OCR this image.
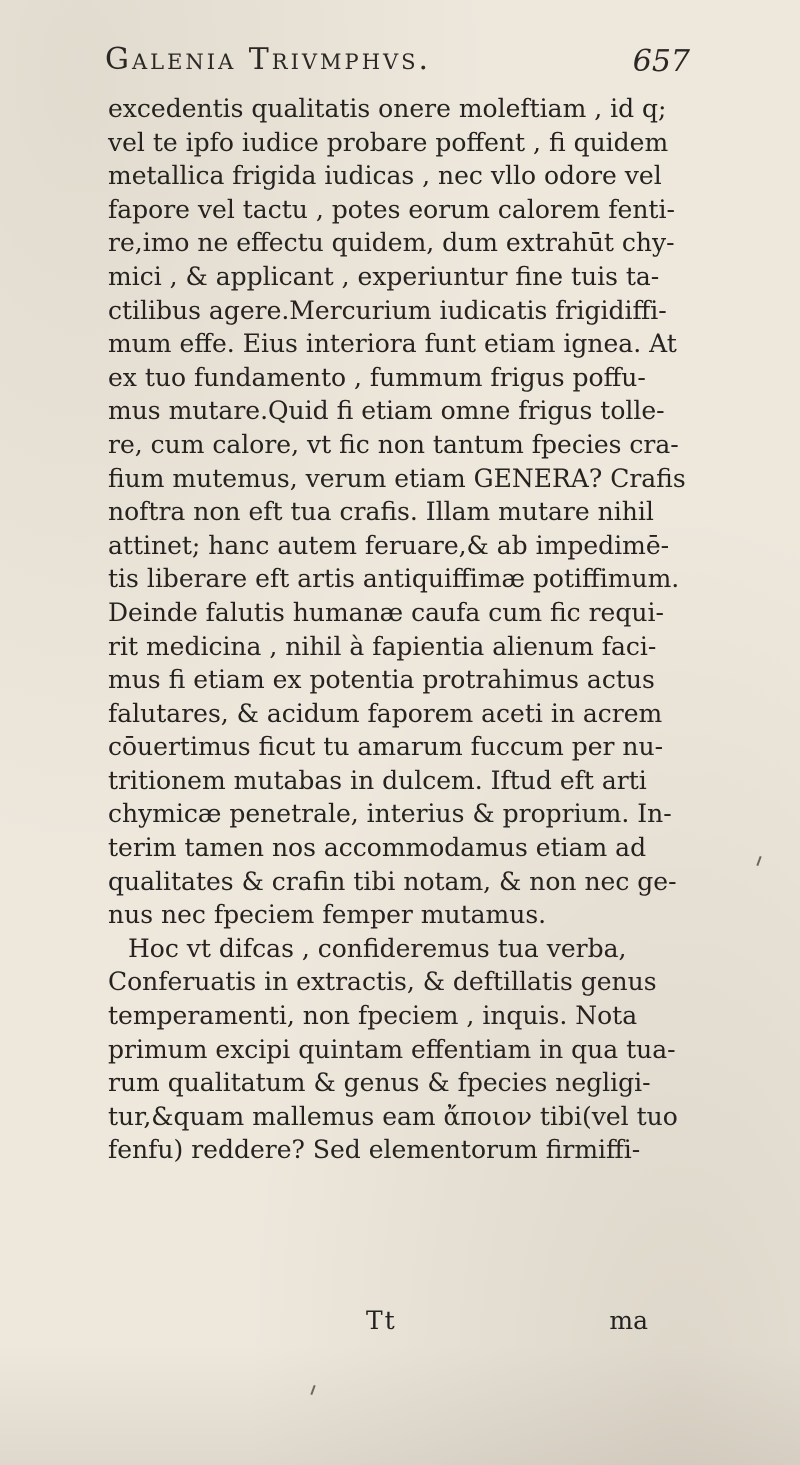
Galenia Trivmphvs.	657
excedentis qualitatis onere moleftiam , id q;
vel te ipfo iudice probare poffent , fi quidem
metallica frigida iudicas , nec vllo odore vel
fapore vel tactu , potes eorum calorem fenti-
re,imo ne effectu quidem, dum extrahūt chy-
mici , & applicant , experiuntur fine tuis ta-
ctilibus agere.Mercurium iudicatis frigidiffi-
mum effe. Eius interiora funt etiam ignea. At
ex tuo fundamento , fummum frigus poffu-
mus mutare.Quid fi etiam omne frigus tolle-
re, cum calore, vt fic non tantum fpecies cra-
fium mutemus, verum etiam GENERA? Crafis
noftra non eft tua crafis. Illam mutare nihil
attinet; hanc autem feruare,& ab impedimē-
tis liberare eft artis antiquiffimæ potiffimum.
Deinde falutis humanæ caufa cum fic requi-
rit medicina , nihil à fapientia alienum faci-
mus fi etiam ex potentia protrahimus actus
falutares, & acidum faporem aceti in acrem
cōuertimus ficut tu amarum fuccum per nu-
tritionem mutabas in dulcem. Iftud eft arti
chymicæ penetrale, interius & proprium. In-
terim tamen nos accommodamus etiam ad
qualitates & crafin tibi notam, & non nec ge-
nus nec fpeciem femper mutamus.
Hoc vt difcas , confideremus tua verba,
Conferuatis in extractis, & deftillatis genus
temperamenti, non fpeciem , inquis. Nota
primum excipi quintam effentiam in qua tua-
rum qualitatum & genus & fpecies negligi-
tur,&quam mallemus eam ἄποιον tibi(vel tuo
fenfu) reddere? Sed elementorum firmiffi-
Tt	ma
